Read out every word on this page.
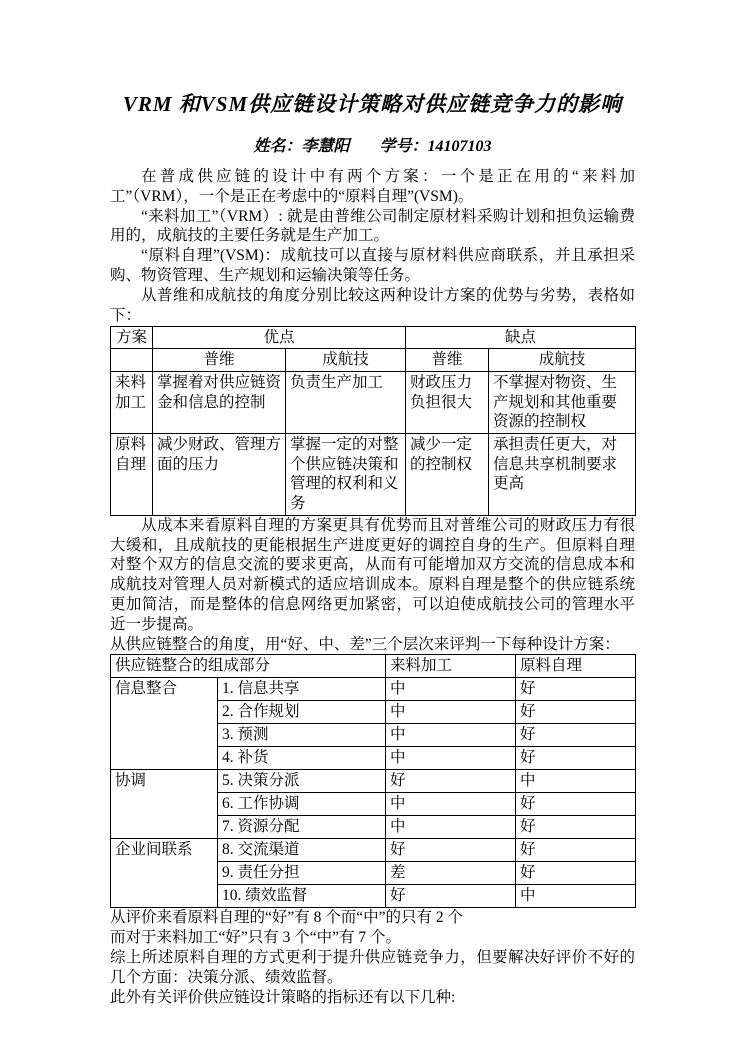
VRM 和VSM供应链设计策略对供应链竞争力的影响
姓名：李慧阳 学号：14107103

在普成供应链的设计中有两个方案：一个是正在用的“来料加工”（VRM），一个是正在考虑中的“原料自理”(VSM)。

“来料加工”（VRM）: 就是由普维公司制定原材料采购计划和担负运输费用的，成航技的主要任务就是生产加工。

“原料自理”(VSM)：成航技可以直接与原材料供应商联系，并且承担采购、物资管理、生产规划和运输决策等任务。

从普维和成航技的角度分别比较这两种设计方案的优势与劣势，表格如下：

方案	优点		缺点	
	普维	成航技	普维	成航技
来料加工	掌握着对供应链资金和信息的控制	负责生产加工	财政压力负担很大	不掌握对物资、生产规划和其他重要资源的控制权
原料自理	减少财政、管理方面的压力	掌握一定的对整个供应链决策和管理的权利和义务	减少一定的控制权	承担责任更大，对信息共享机制要求更高

从成本来看原料自理的方案更具有优势而且对普维公司的财政压力有很大缓和，且成航技的更能根据生产进度更好的调控自身的生产。但原料自理对整个双方的信息交流的要求更高，从而有可能增加双方交流的信息成本和成航技对管理人员对新模式的适应培训成本。原料自理是整个的供应链系统更加简洁，而是整体的信息网络更加紧密，可以迫使成航技公司的管理水平近一步提高。

从供应链整合的角度，用“好、中、差”三个层次来评判一下每种设计方案：

供应链整合的组成部分		来料加工	原料自理
信息整合	1. 信息共享	中	好
	2. 合作规划	中	好
	3. 预测	中	好
	4. 补货	中	好
协调	5. 决策分派	好	中
	6. 工作协调	中	好
	7. 资源分配	中	好
企业间联系	8. 交流渠道	好	好
	9. 责任分担	差	好
	10. 绩效监督	好	中

从评价来看原料自理的“好”有 8 个而“中”的只有 2 个

而对于来料加工“好”只有 3 个“中”有 7 个。

综上所述原料自理的方式更利于提升供应链竞争力，但要解决好评价不好的几个方面：决策分派、绩效监督。

此外有关评价供应链设计策略的指标还有以下几种:
